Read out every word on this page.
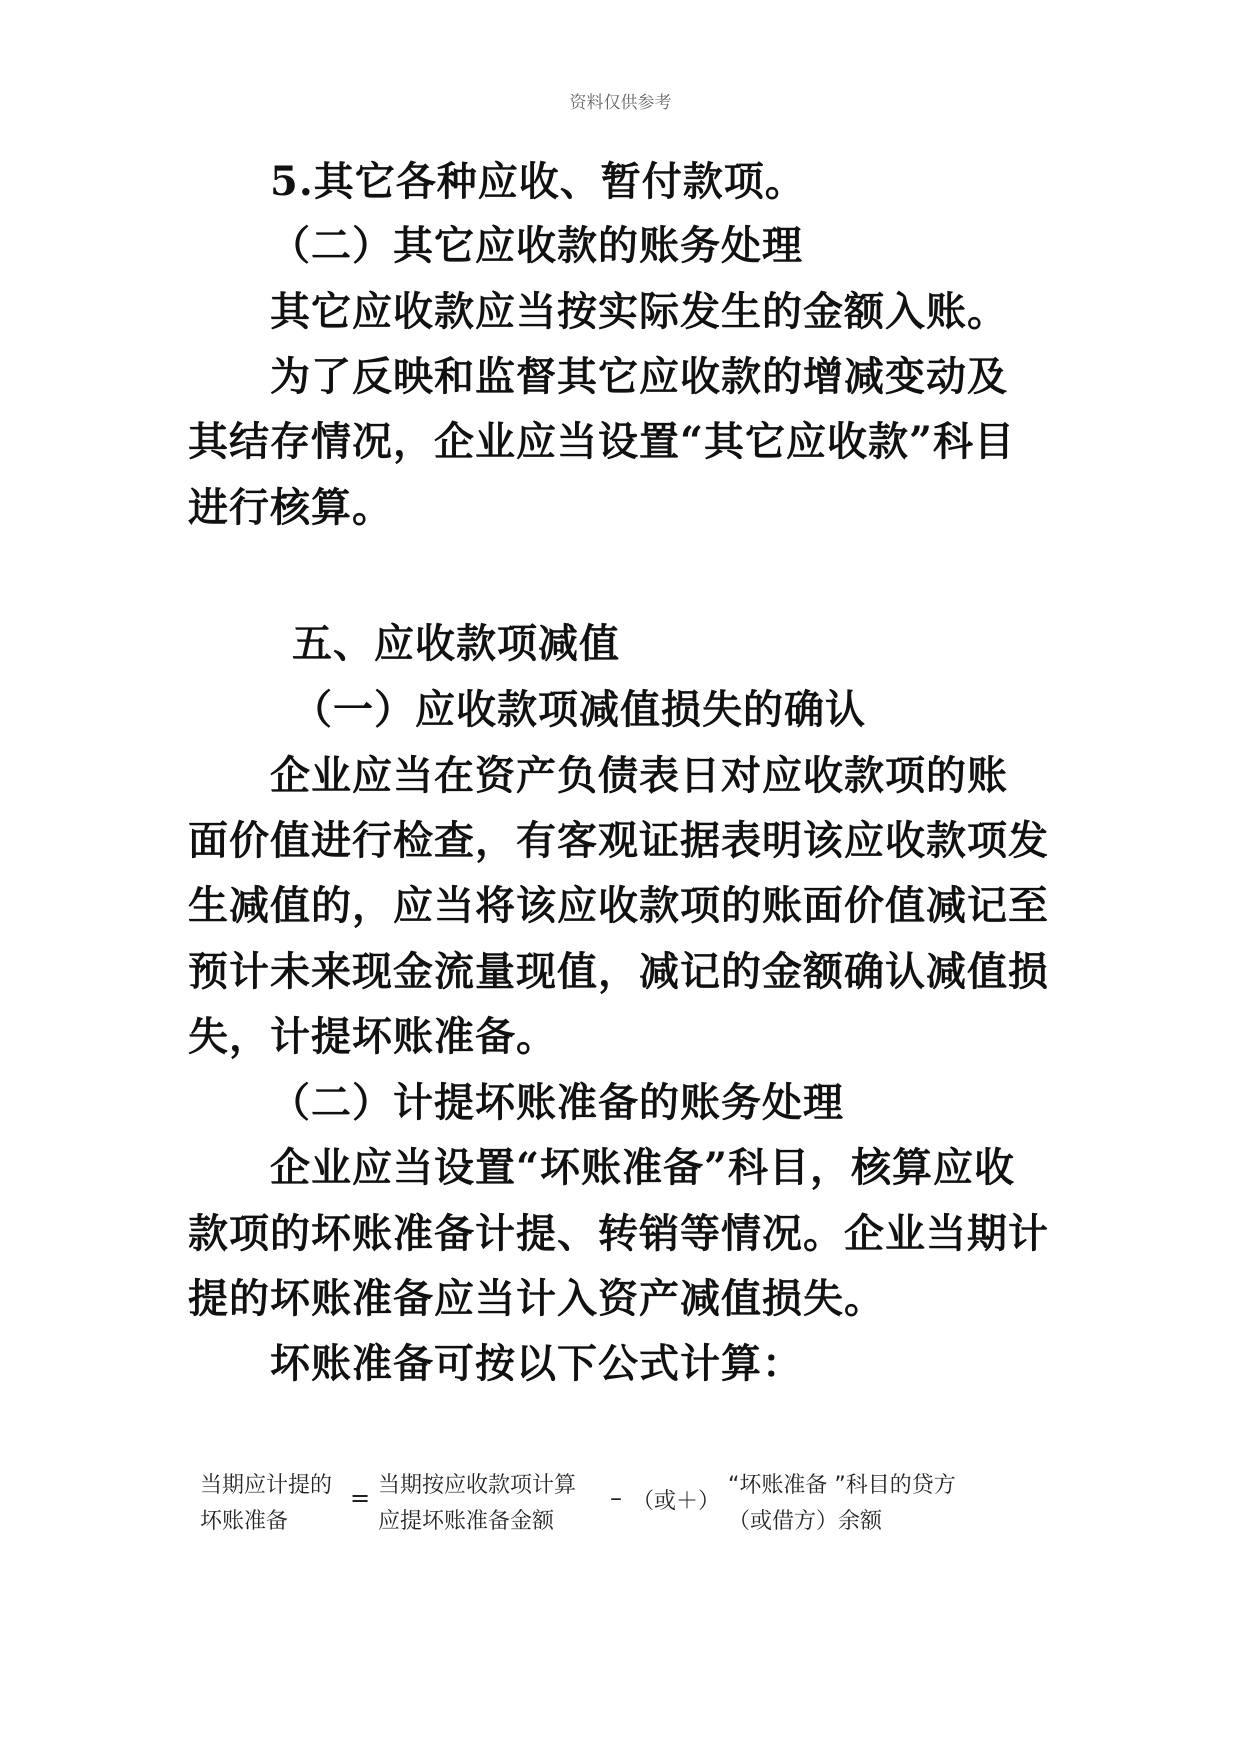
资料仅供参考
5.其它各种应收、暂付款项。
（二）其它应收款的账务处理
其它应收款应当按实际发生的金额入账。
为了反映和监督其它应收款的增减变动及
其结存情况，企业应当设置“其它应收款”科目
进行核算。
五、应收款项减值
（一）应收款项减值损失的确认
企业应当在资产负债表日对应收款项的账
面价值进行检查，有客观证据表明该应收款项发
生减值的，应当将该应收款项的账面价值减记至
预计未来现金流量现值，减记的金额确认减值损
失，计提坏账准备。
（二）计提坏账准备的账务处理
企业应当设置“坏账准备”科目，核算应收
款项的坏账准备计提、转销等情况。企业当期计
提的坏账准备应当计入资产减值损失。
坏账准备可按以下公式计算：
当期应计提的
坏账准备
= 当期按应收款项计算
应提坏账准备金额
– （或＋）
“坏账准备 ”科目的贷方
（或借方）余额
